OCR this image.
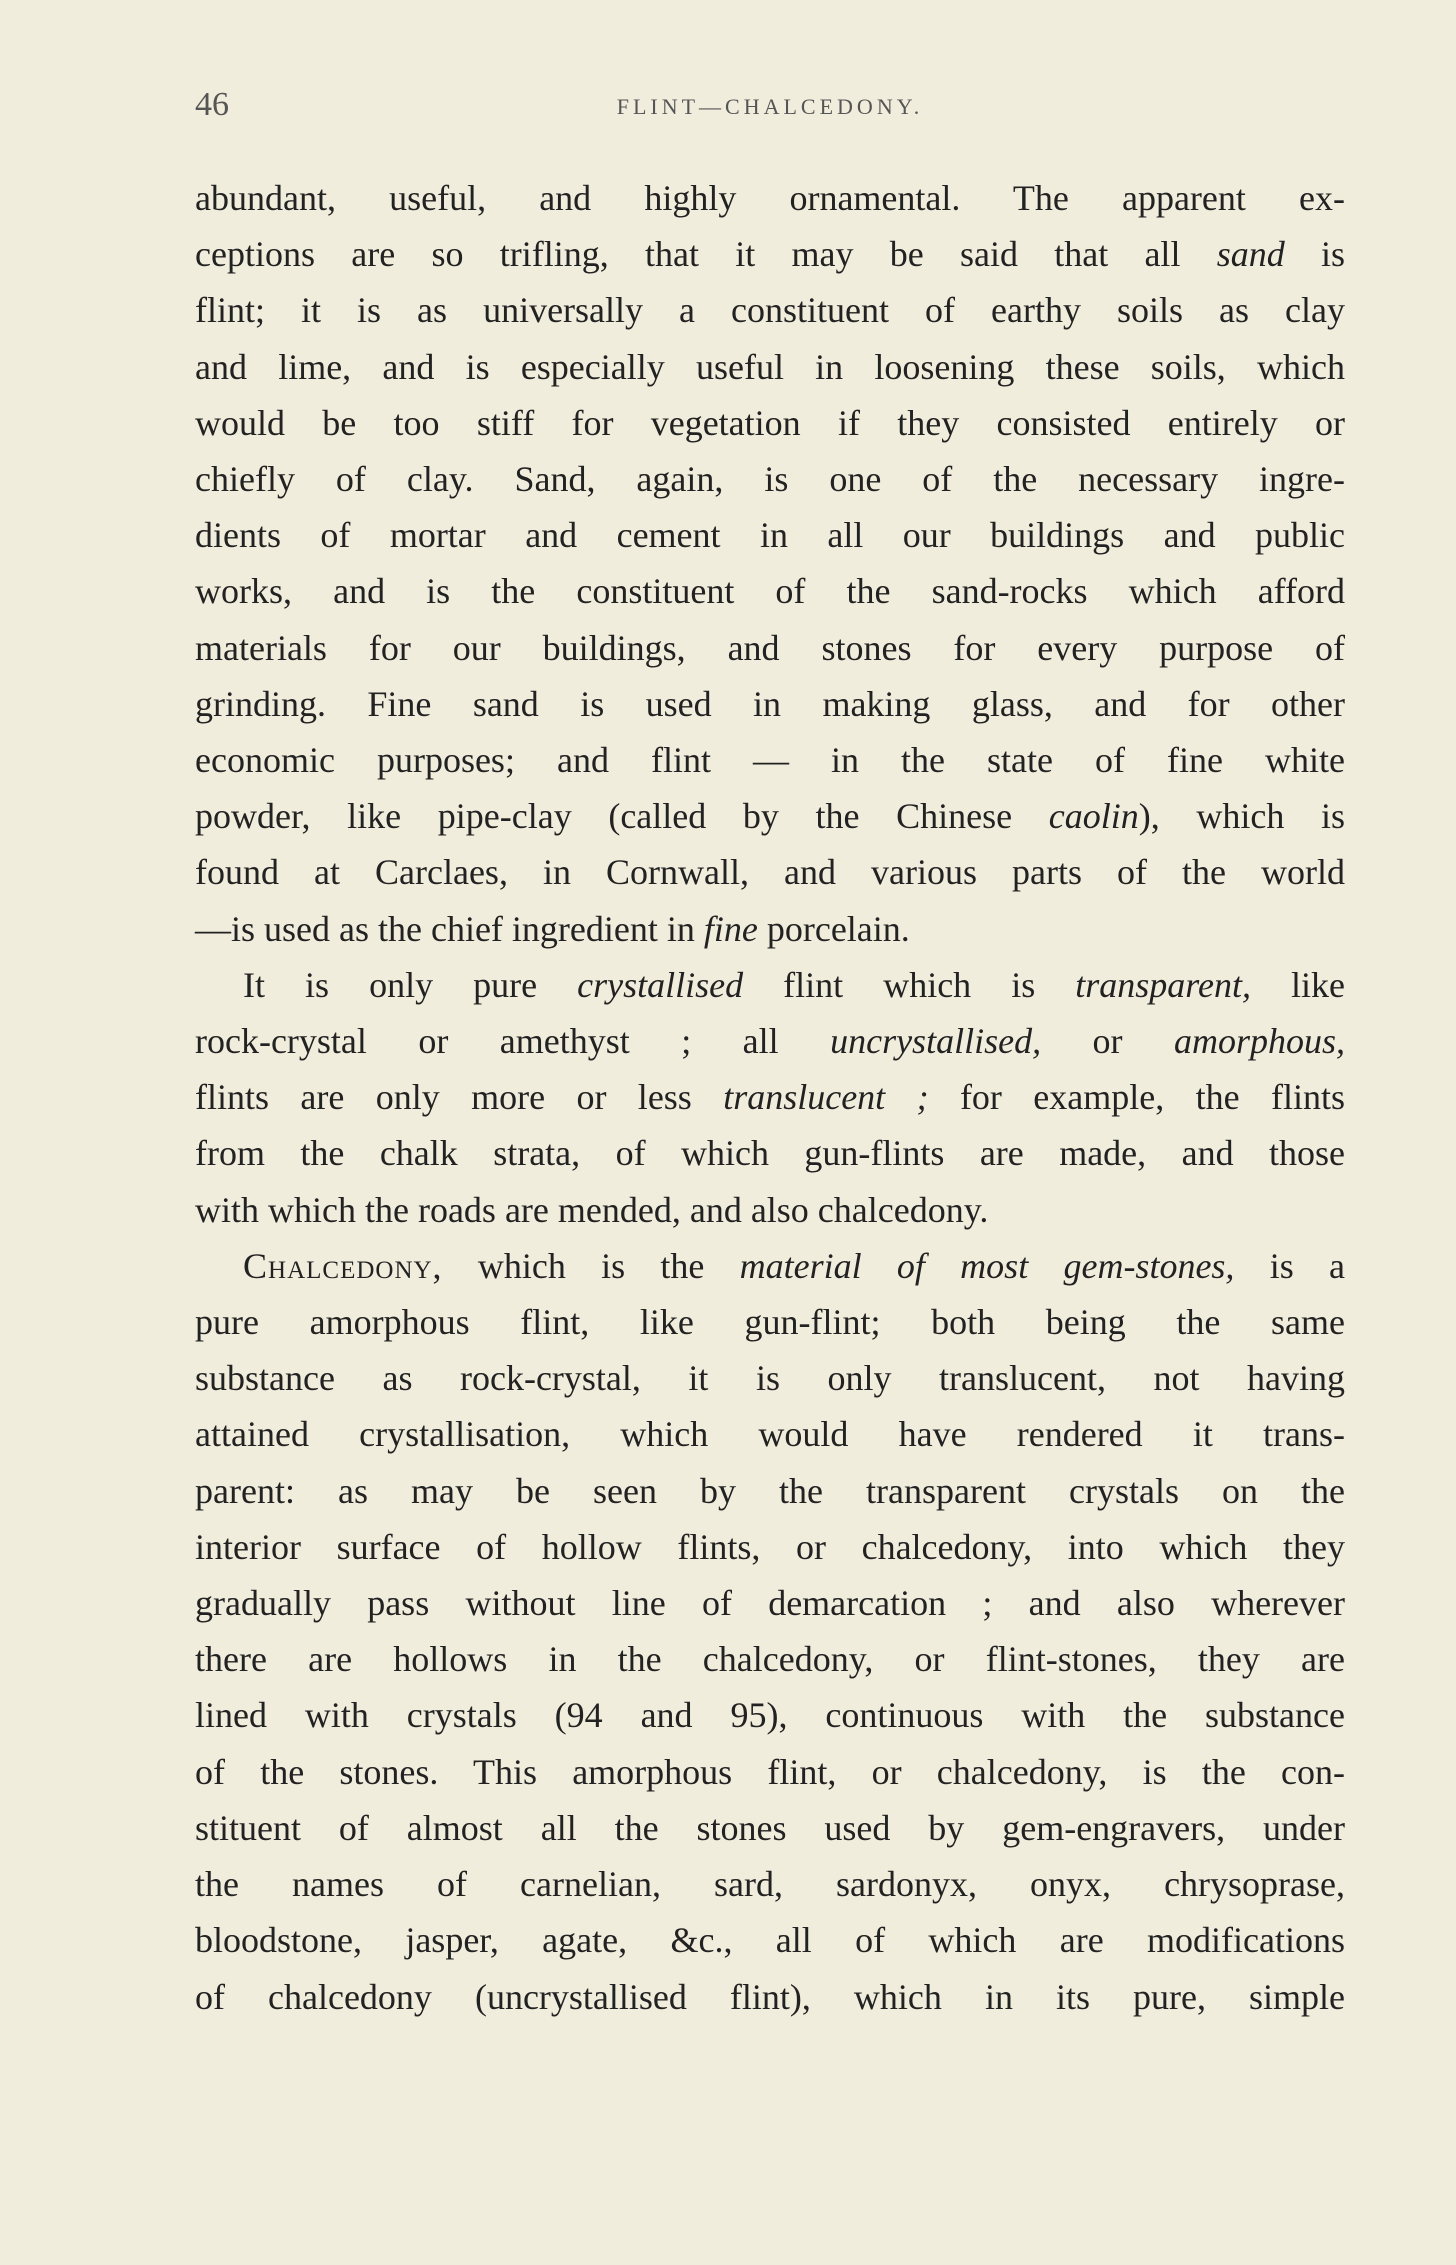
46	FLINT—CHALCEDONY.
abundant, useful, and highly ornamental. The apparent ex-
ceptions are so trifling, that it may be said that all sand is
flint; it is as universally a constituent of earthy soils as clay
and lime, and is especially useful in loosening these soils, which
would be too stiff for vegetation if they consisted entirely or
chiefly of clay. Sand, again, is one of the necessary ingre-
dients of mortar and cement in all our buildings and public
works, and is the constituent of the sand-rocks which afford
materials for our buildings, and stones for every purpose of
grinding. Fine sand is used in making glass, and for other
economic purposes; and flint — in the state of fine white
powder, like pipe-clay (called by the Chinese caolin), which is
found at Carclaes, in Cornwall, and various parts of the world
—is used as the chief ingredient in fine porcelain.
It is only pure crystallised flint which is transparent, like
rock-crystal or amethyst ; all uncrystallised, or amorphous,
flints are only more or less translucent ; for example, the flints
from the chalk strata, of which gun-flints are made, and those
with which the roads are mended, and also chalcedony.
Chalcedony, which is the material of most gem-stones, is a
pure amorphous flint, like gun-flint; both being the same
substance as rock-crystal, it is only translucent, not having
attained crystallisation, which would have rendered it trans-
parent: as may be seen by the transparent crystals on the
interior surface of hollow flints, or chalcedony, into which they
gradually pass without line of demarcation ; and also wherever
there are hollows in the chalcedony, or flint-stones, they are
lined with crystals (94 and 95), continuous with the substance
of the stones. This amorphous flint, or chalcedony, is the con-
stituent of almost all the stones used by gem-engravers, under
the names of carnelian, sard, sardonyx, onyx, chrysoprase,
bloodstone, jasper, agate, &c., all of which are modifications
of chalcedony (uncrystallised flint), which in its pure, simple
